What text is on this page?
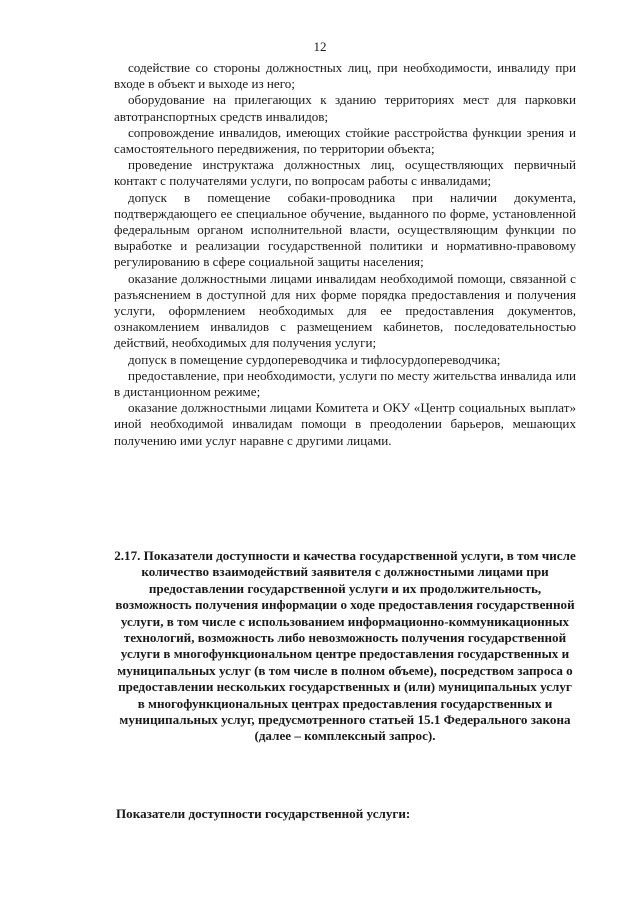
12

содействие со стороны должностных лиц, при необходимости, инвалиду при входе в объект и выходе из него;

оборудование на прилегающих к зданию территориях мест для парковки автотранспортных средств инвалидов;

сопровождение инвалидов, имеющих стойкие расстройства функции зрения и самостоятельного передвижения, по территории объекта;

проведение инструктажа должностных лиц, осуществляющих первичный контакт с получателями услуги, по вопросам работы с инвалидами;

допуск в помещение собаки-проводника при наличии документа, подтверждающего ее специальное обучение, выданного по форме, установленной федеральным органом исполнительной власти, осуществляющим функции по выработке и реализации государственной политики и нормативно-правовому регулированию в сфере социальной защиты населения;

оказание должностными лицами инвалидам необходимой помощи, связанной с разъяснением в доступной для них форме порядка предоставления и получения услуги, оформлением необходимых для ее предоставления документов, ознакомлением инвалидов с размещением кабинетов, последовательностью действий, необходимых для получения услуги;

допуск в помещение сурдопереводчика и тифлосурдопереводчика;

предоставление, при необходимости, услуги по месту жительства инвалида или в дистанционном режиме;

оказание должностными лицами Комитета и ОКУ «Центр социальных выплат» иной необходимой инвалидам помощи в преодолении барьеров, мешающих получению ими услуг наравне с другими лицами.

2.17. Показатели доступности и качества государственной услуги, в том числе количество взаимодействий заявителя с должностными лицами при предоставлении государственной услуги и их продолжительность, возможность получения информации о ходе предоставления государственной услуги, в том числе с использованием информационно-коммуникационных технологий, возможность либо невозможность получения государственной услуги в многофункциональном центре предоставления государственных и муниципальных услуг (в том числе в полном объеме), посредством запроса о предоставлении нескольких государственных и (или) муниципальных услуг в многофункциональных центрах предоставления государственных и муниципальных услуг, предусмотренного статьей 15.1 Федерального закона (далее – комплексный запрос).

Показатели доступности государственной услуги:
